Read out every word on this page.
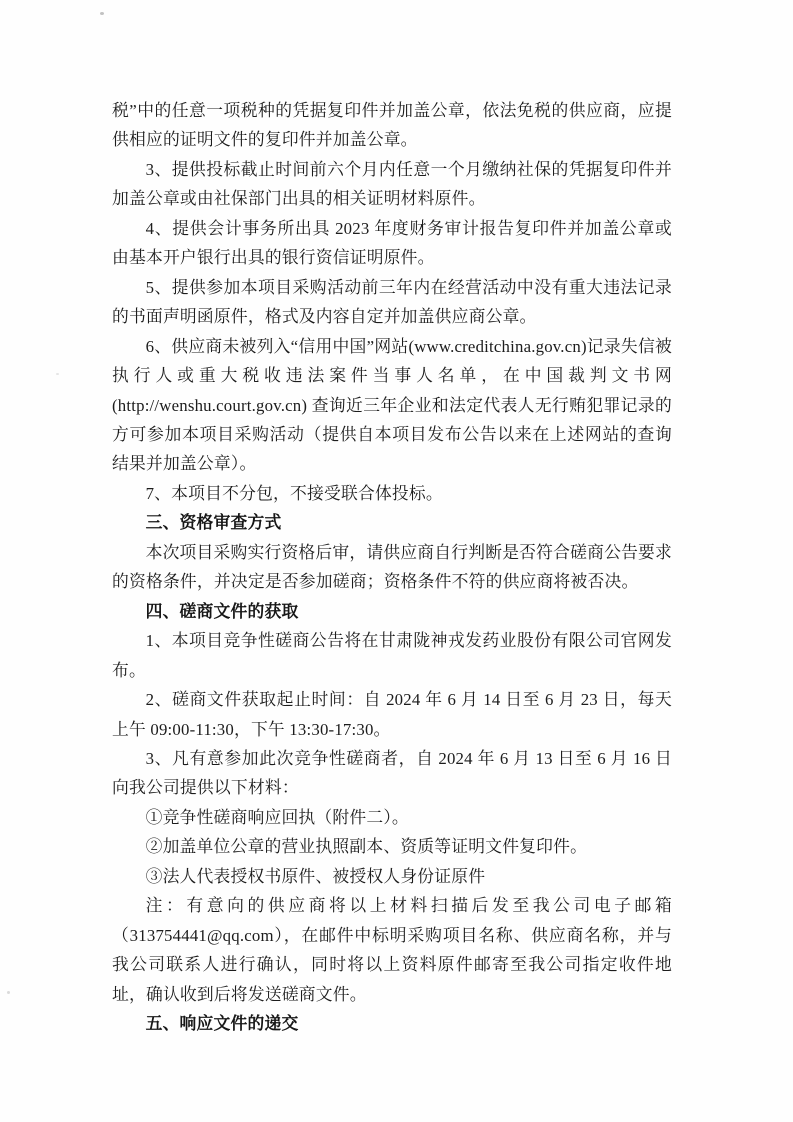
税”中的任意一项税种的凭据复印件并加盖公章，依法免税的供应商，应提供相应的证明文件的复印件并加盖公章。

3、提供投标截止时间前六个月内任意一个月缴纳社保的凭据复印件并加盖公章或由社保部门出具的相关证明材料原件。

4、提供会计事务所出具 2023 年度财务审计报告复印件并加盖公章或由基本开户银行出具的银行资信证明原件。

5、提供参加本项目采购活动前三年内在经营活动中没有重大违法记录的书面声明函原件，格式及内容自定并加盖供应商公章。

6、供应商未被列入“信用中国”网站(www.creditchina.gov.cn)记录失信被执行人或重大税收违法案件当事人名单，在中国裁判文书网(http://wenshu.court.gov.cn) 查询近三年企业和法定代表人无行贿犯罪记录的方可参加本项目采购活动（提供自本项目发布公告以来在上述网站的查询结果并加盖公章）。

7、本项目不分包，不接受联合体投标。

三、资格审查方式

本次项目采购实行资格后审，请供应商自行判断是否符合磋商公告要求的资格条件，并决定是否参加磋商；资格条件不符的供应商将被否决。

四、磋商文件的获取

1、本项目竞争性磋商公告将在甘肃陇神戎发药业股份有限公司官网发布。

2、磋商文件获取起止时间：自 2024 年 6 月 14 日至 6 月 23 日，每天上午 09:00-11:30，下午 13:30-17:30。

3、凡有意参加此次竞争性磋商者，自 2024 年 6 月 13 日至 6 月 16 日向我公司提供以下材料：

①竞争性磋商响应回执（附件二）。

②加盖单位公章的营业执照副本、资质等证明文件复印件。

③法人代表授权书原件、被授权人身份证原件

注：有意向的供应商将以上材料扫描后发至我公司电子邮箱（313754441@qq.com），在邮件中标明采购项目名称、供应商名称，并与我公司联系人进行确认，同时将以上资料原件邮寄至我公司指定收件地址，确认收到后将发送磋商文件。

五、响应文件的递交
